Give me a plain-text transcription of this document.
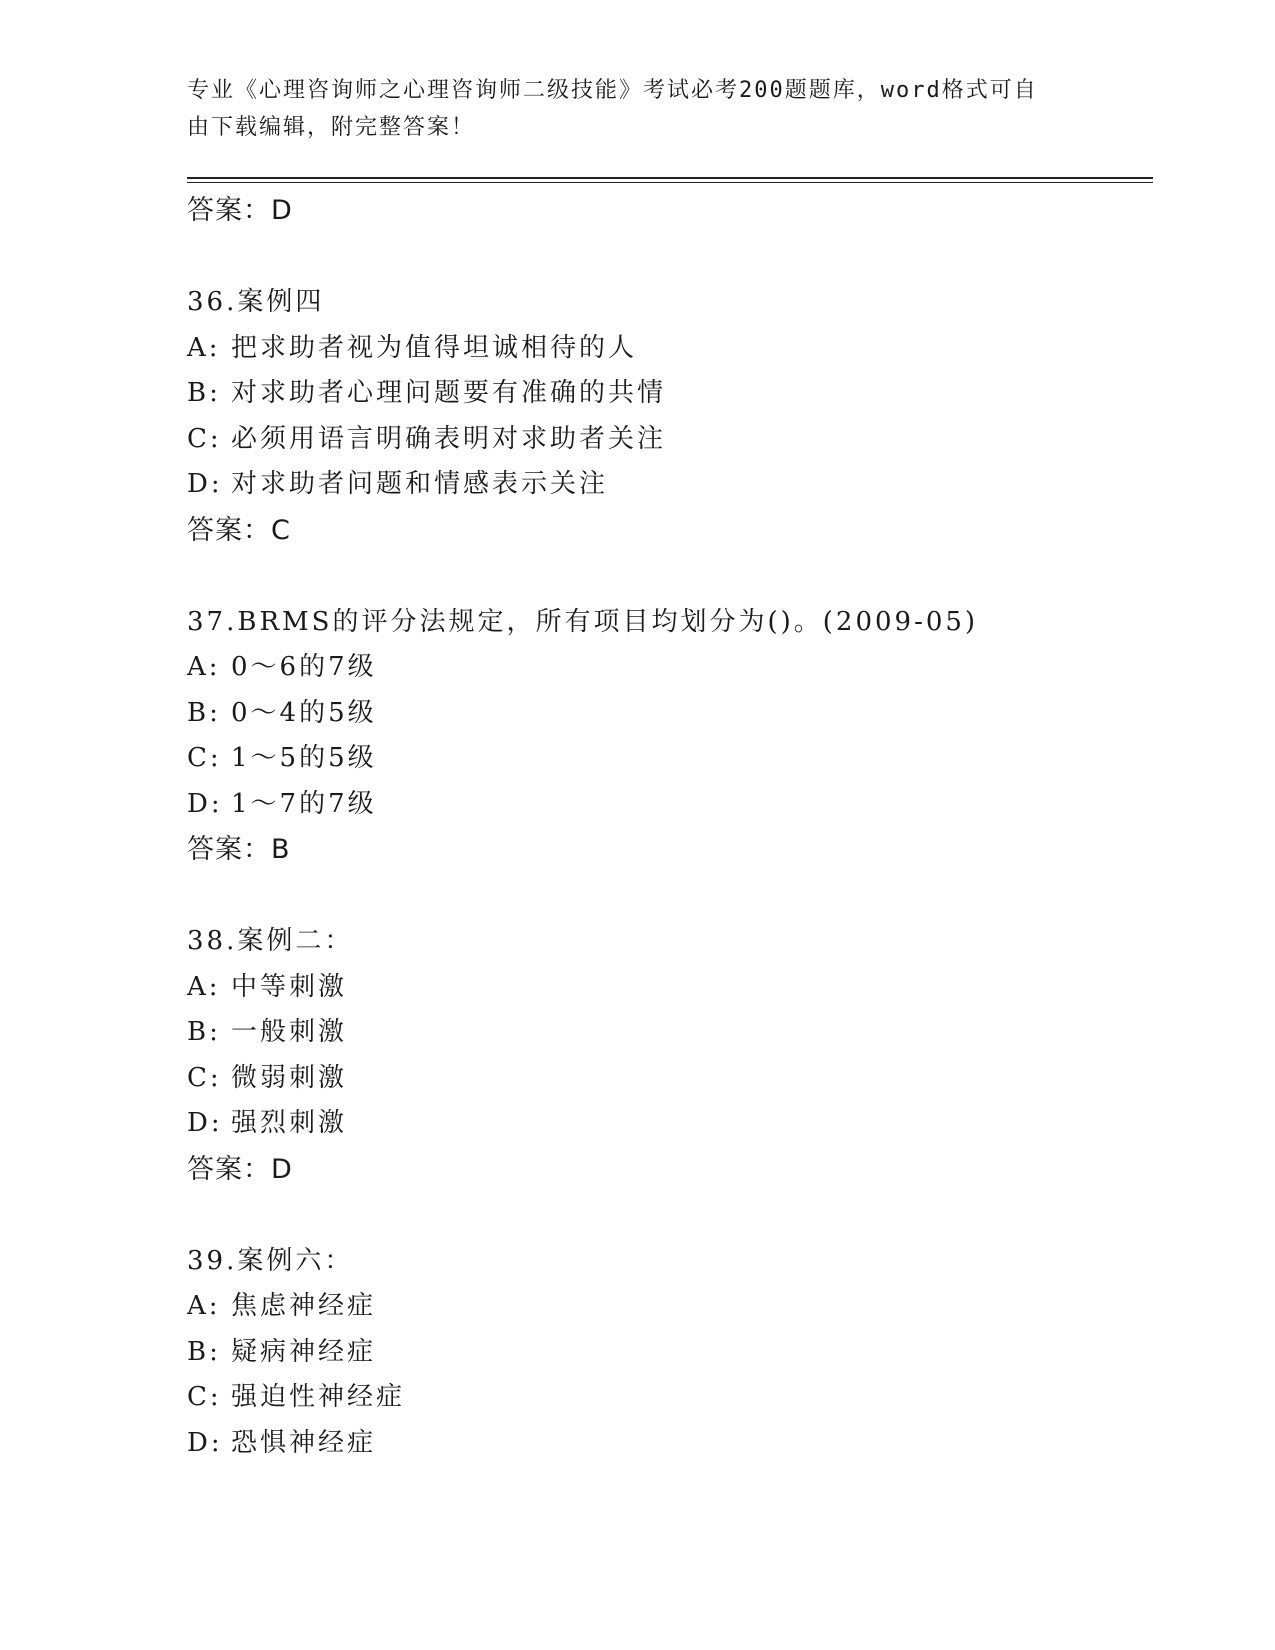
专业《心理咨询师之心理咨询师二级技能》考试必考200题题库，word格式可自
由下载编辑，附完整答案！
答案：D
36.案例四
A: 把求助者视为值得坦诚相待的人
B: 对求助者心理问题要有准确的共情
C: 必须用语言明确表明对求助者关注
D: 对求助者问题和情感表示关注
答案：C
37.BRMS的评分法规定，所有项目均划分为()。(2009-05)
A: 0～6的7级
B: 0～4的5级
C: 1～5的5级
D: 1～7的7级
答案：B
38.案例二：
A: 中等刺激
B: 一般刺激
C: 微弱刺激
D: 强烈刺激
答案：D
39.案例六：
A: 焦虑神经症
B: 疑病神经症
C: 强迫性神经症
D: 恐惧神经症
